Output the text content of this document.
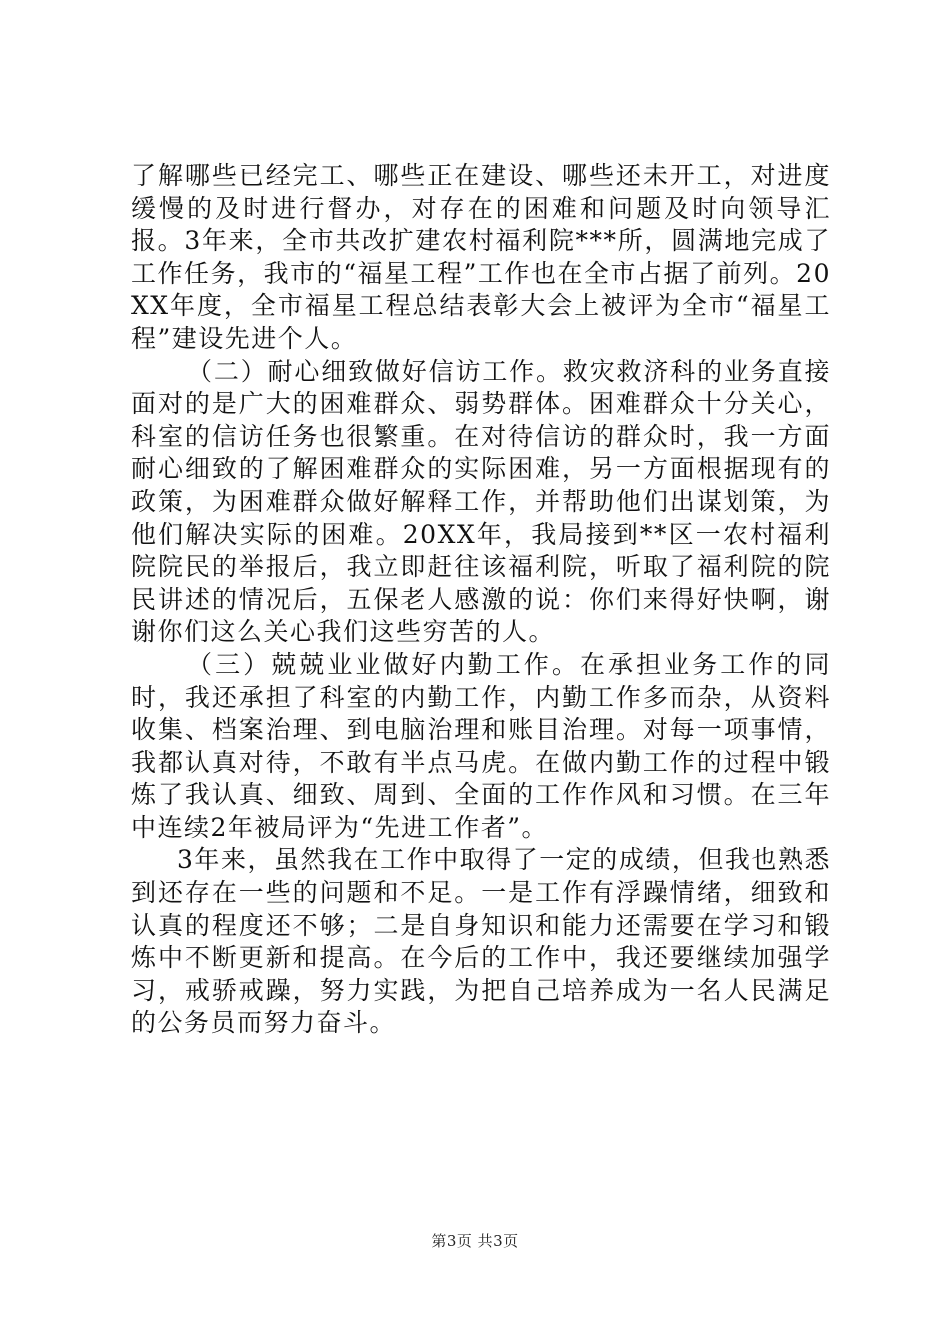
了解哪些已经完工、哪些正在建设、哪些还未开工，对进度缓慢的及时进行督办，对存在的困难和问题及时向领导汇报。3年来，全市共改扩建农村福利院***所，圆满地完成了工作任务，我市的“福星工程”工作也在全市占据了前列。20XX年度，全市福星工程总结表彰大会上被评为全市“福星工程”建设先进个人。

（二）耐心细致做好信访工作。救灾救济科的业务直接面对的是广大的困难群众、弱势群体。困难群众十分关心，科室的信访任务也很繁重。在对待信访的群众时，我一方面耐心细致的了解困难群众的实际困难，另一方面根据现有的政策，为困难群众做好解释工作，并帮助他们出谋划策，为他们解决实际的困难。20XX年，我局接到**区一农村福利院院民的举报后，我立即赶往该福利院，听取了福利院的院民讲述的情况后，五保老人感激的说：你们来得好快啊，谢谢你们这么关心我们这些穷苦的人。

（三）兢兢业业做好内勤工作。在承担业务工作的同时，我还承担了科室的内勤工作，内勤工作多而杂，从资料收集、档案治理、到电脑治理和账目治理。对每一项事情，我都认真对待，不敢有半点马虎。在做内勤工作的过程中锻炼了我认真、细致、周到、全面的工作作风和习惯。在三年中连续2年被局评为“先进工作者”。

3年来，虽然我在工作中取得了一定的成绩，但我也熟悉到还存在一些的问题和不足。一是工作有浮躁情绪，细致和认真的程度还不够；二是自身知识和能力还需要在学习和锻炼中不断更新和提高。在今后的工作中，我还要继续加强学习，戒骄戒躁，努力实践，为把自己培养成为一名人民满足的公务员而努力奋斗。

第3页 共3页
